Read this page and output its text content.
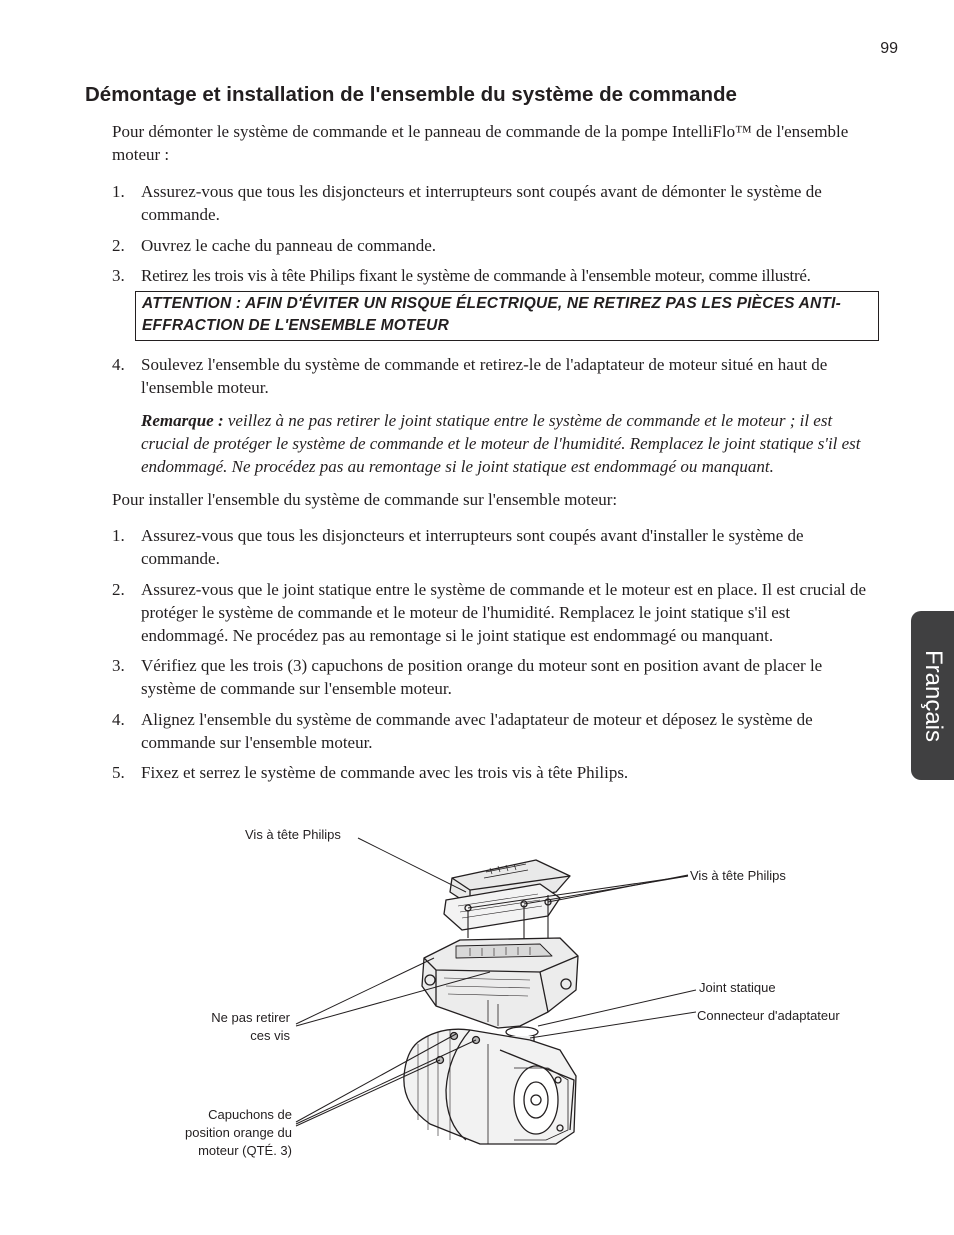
99
Démontage et installation de l'ensemble du système de commande

Pour démonter le système de commande et le panneau de commande de la pompe IntelliFlo™ de l'ensemble moteur :

1. Assurez-vous que tous les disjoncteurs et interrupteurs sont coupés avant de démonter le système de commande.
2. Ouvrez le cache du panneau de commande.
3. Retirez les trois vis à tête Philips fixant le système de commande à l'ensemble moteur, comme illustré.
ATTENTION : AFIN D'ÉVITER UN RISQUE ÉLECTRIQUE, NE RETIREZ PAS LES PIÈCES ANTI-EFFRACTION DE L'ENSEMBLE MOTEUR
4. Soulevez l'ensemble du système de commande et retirez-le de l'adaptateur de moteur situé en haut de l'ensemble moteur.

Remarque : veillez à ne pas retirer le joint statique entre le système de commande et le moteur ; il est crucial de protéger le système de commande et le moteur de l'humidité. Remplacez le joint statique s'il est endommagé. Ne procédez pas au remontage si le joint statique est endommagé ou manquant.

Pour installer l'ensemble du système de commande sur l'ensemble moteur:

1. Assurez-vous que tous les disjoncteurs et interrupteurs sont coupés avant d'installer le système de commande.
2. Assurez-vous que le joint statique entre le système de commande et le moteur est en place. Il est crucial de protéger le système de commande et le moteur de l'humidité. Remplacez le joint statique s'il est endommagé. Ne procédez pas au remontage si le joint statique est endommagé ou manquant.
3. Vérifiez que les trois (3) capuchons de position orange du moteur sont en position avant de placer le système de commande sur l'ensemble moteur.
4. Alignez l'ensemble du système de commande avec l'adaptateur de moteur et déposez le système de commande sur l'ensemble moteur.
5. Fixez et serrez le système de commande avec les trois vis à tête Philips.
Français
Vis à tête Philips
Vis à tête Philips
Joint statique
Connecteur d'adaptateur
Ne pas retirer
ces vis
Capuchons de
position orange du
moteur (QTÉ. 3)
